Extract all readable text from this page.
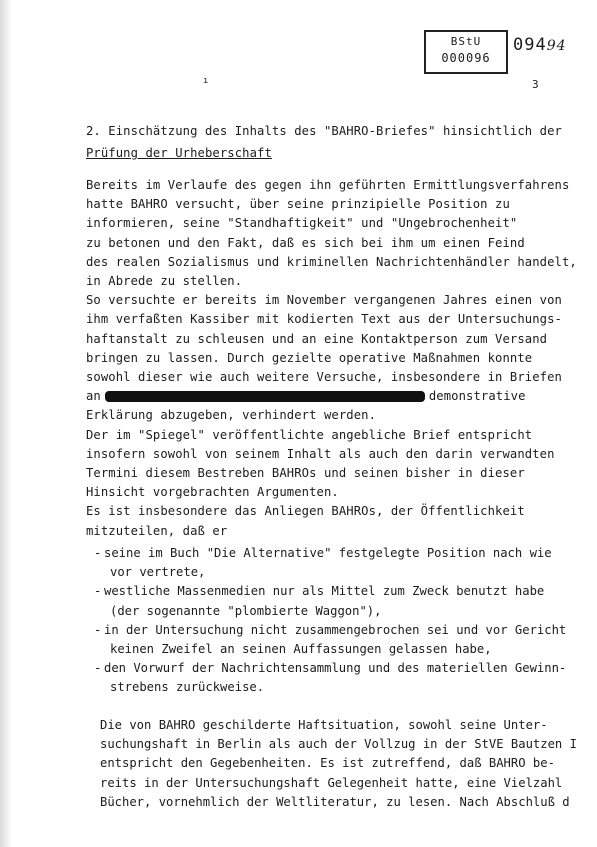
BStU
000096
09494
3
ı
2. Einschätzung des Inhalts des "BAHRO-Briefes" hinsichtlich der
Prüfung der Urheberschaft

Bereits im Verlaufe des gegen ihn geführten Ermittlungsverfahrens

hatte BAHRO versucht, über seine prinzipielle Position zu

informieren, seine "Standhaftigkeit" und "Ungebrochenheit"

zu betonen und den Fakt, daß es sich bei ihm um einen Feind

des realen Sozialismus und kriminellen Nachrichtenhändler handelt,

in Abrede zu stellen.

So versuchte er bereits im November vergangenen Jahres einen von

ihm verfaßten Kassiber mit kodierten Text aus der Untersuchungs-

haftanstalt zu schleusen und an eine Kontaktperson zum Versand

bringen zu lassen. Durch gezielte operative Maßnahmen konnte

sowohl dieser wie auch weitere Versuche, insbesondere in Briefen

an	demonstrative

Erklärung abzugeben, verhindert werden.

Der im "Spiegel" veröffentlichte angebliche Brief entspricht

insofern sowohl von seinem Inhalt als auch den darin verwandten

Termini diesem Bestreben BAHROs und seinen bisher in dieser

Hinsicht vorgebrachten Argumenten.

Es ist insbesondere das Anliegen BAHROs, der Öffentlichkeit

mitzuteilen, daß er

- seine im Buch "Die Alternative" festgelegte Position nach wie

vor vertrete,

- westliche Massenmedien nur als Mittel zum Zweck benutzt habe

(der sogenannte "plombierte Waggon"),

- in der Untersuchung nicht zusammengebrochen sei und vor Gericht

keinen Zweifel an seinen Auffassungen gelassen habe,

- den Vorwurf der Nachrichtensammlung und des materiellen Gewinn-

strebens zurückweise.

Die von BAHRO geschilderte Haftsituation, sowohl seine Unter-

suchungshaft in Berlin als auch der Vollzug in der StVE Bautzen I

entspricht den Gegebenheiten. Es ist zutreffend, daß BAHRO be-

reits in der Untersuchungshaft Gelegenheit hatte, eine Vielzahl

Bücher, vornehmlich der Weltliteratur, zu lesen. Nach Abschluß d
